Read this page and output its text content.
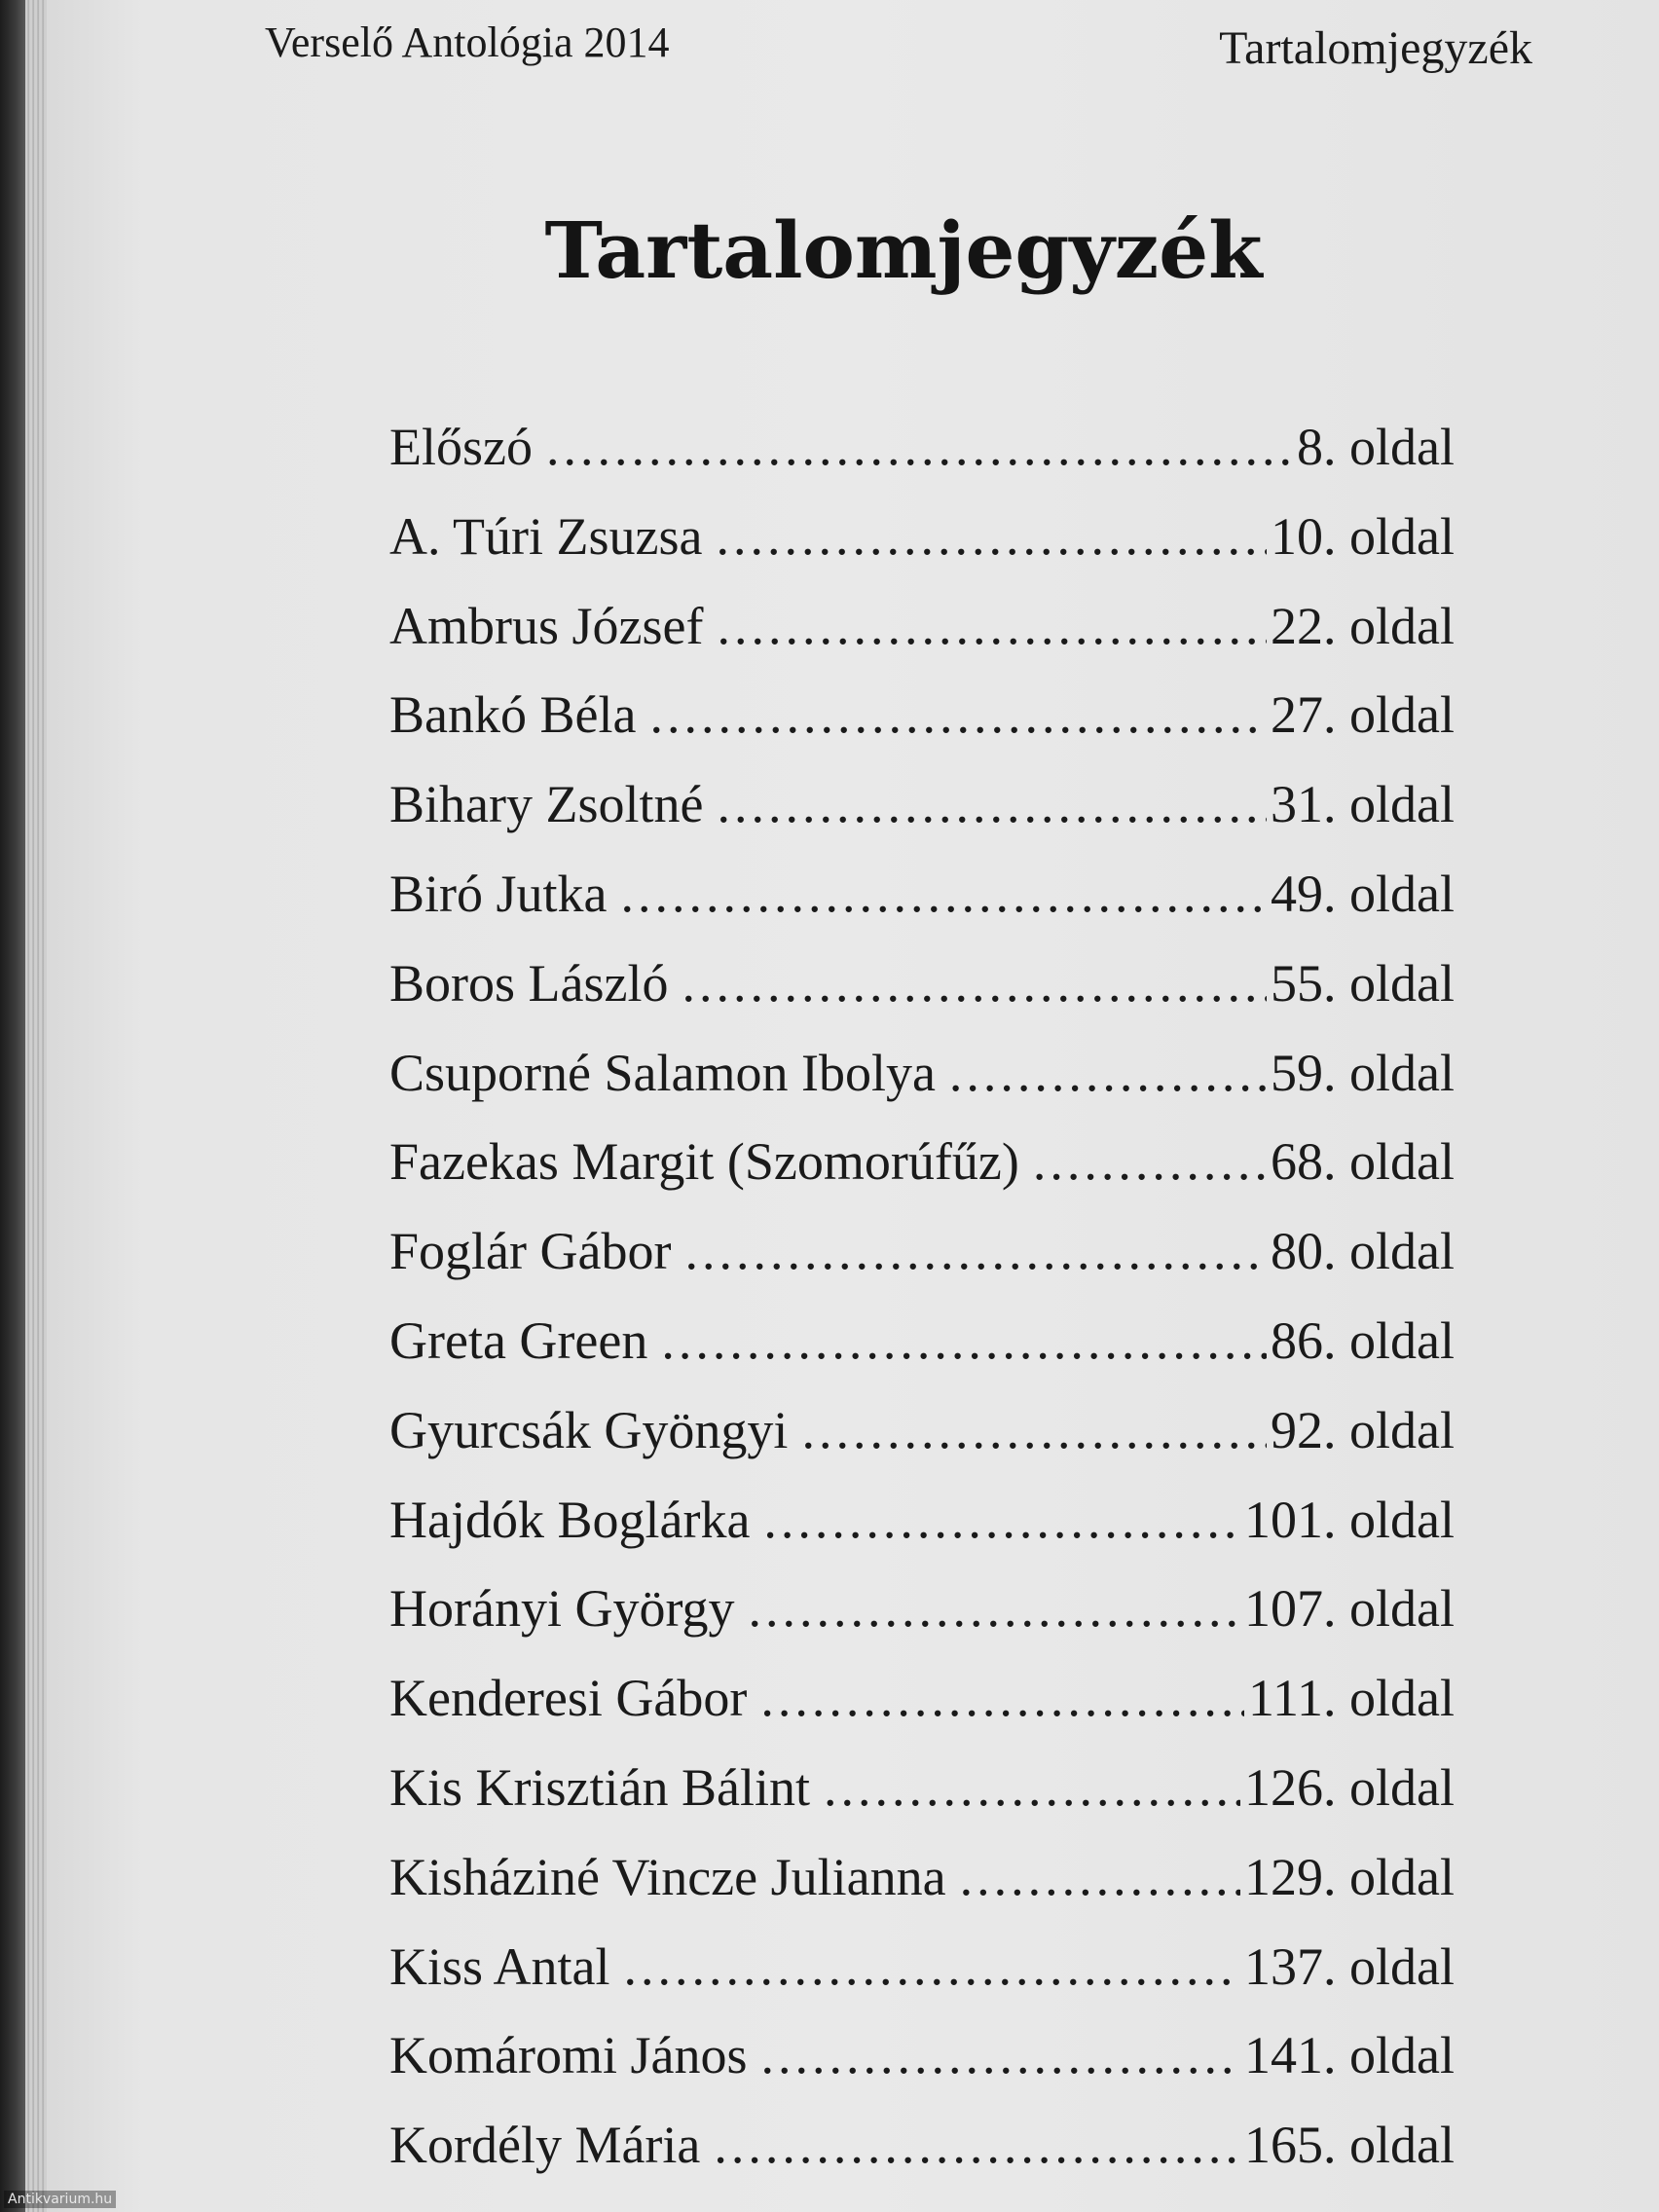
Verselő Antológia 2014	Tartalomjegyzék
Tartalomjegyzék
Előszó .....	8. oldal
A. Túri Zsuzsa .....	10. oldal
Ambrus József .....	22. oldal
Bankó Béla .....	27. oldal
Bihary Zsoltné .....	31. oldal
Biró Jutka .....	49. oldal
Boros László .....	55. oldal
Csuporné Salamon Ibolya .....	59. oldal
Fazekas Margit (Szomorúfűz) .....	68. oldal
Foglár Gábor .....	80. oldal
Greta Green .....	86. oldal
Gyurcsák Gyöngyi .....	92. oldal
Hajdók Boglárka .....	101. oldal
Horányi György .....	107. oldal
Kenderesi Gábor .....	111. oldal
Kis Krisztián Bálint .....	126. oldal
Kisháziné Vincze Julianna .....	129. oldal
Kiss Antal .....	137. oldal
Komáromi János .....	141. oldal
Kordély Mária .....	165. oldal
Antikvarium.hu
